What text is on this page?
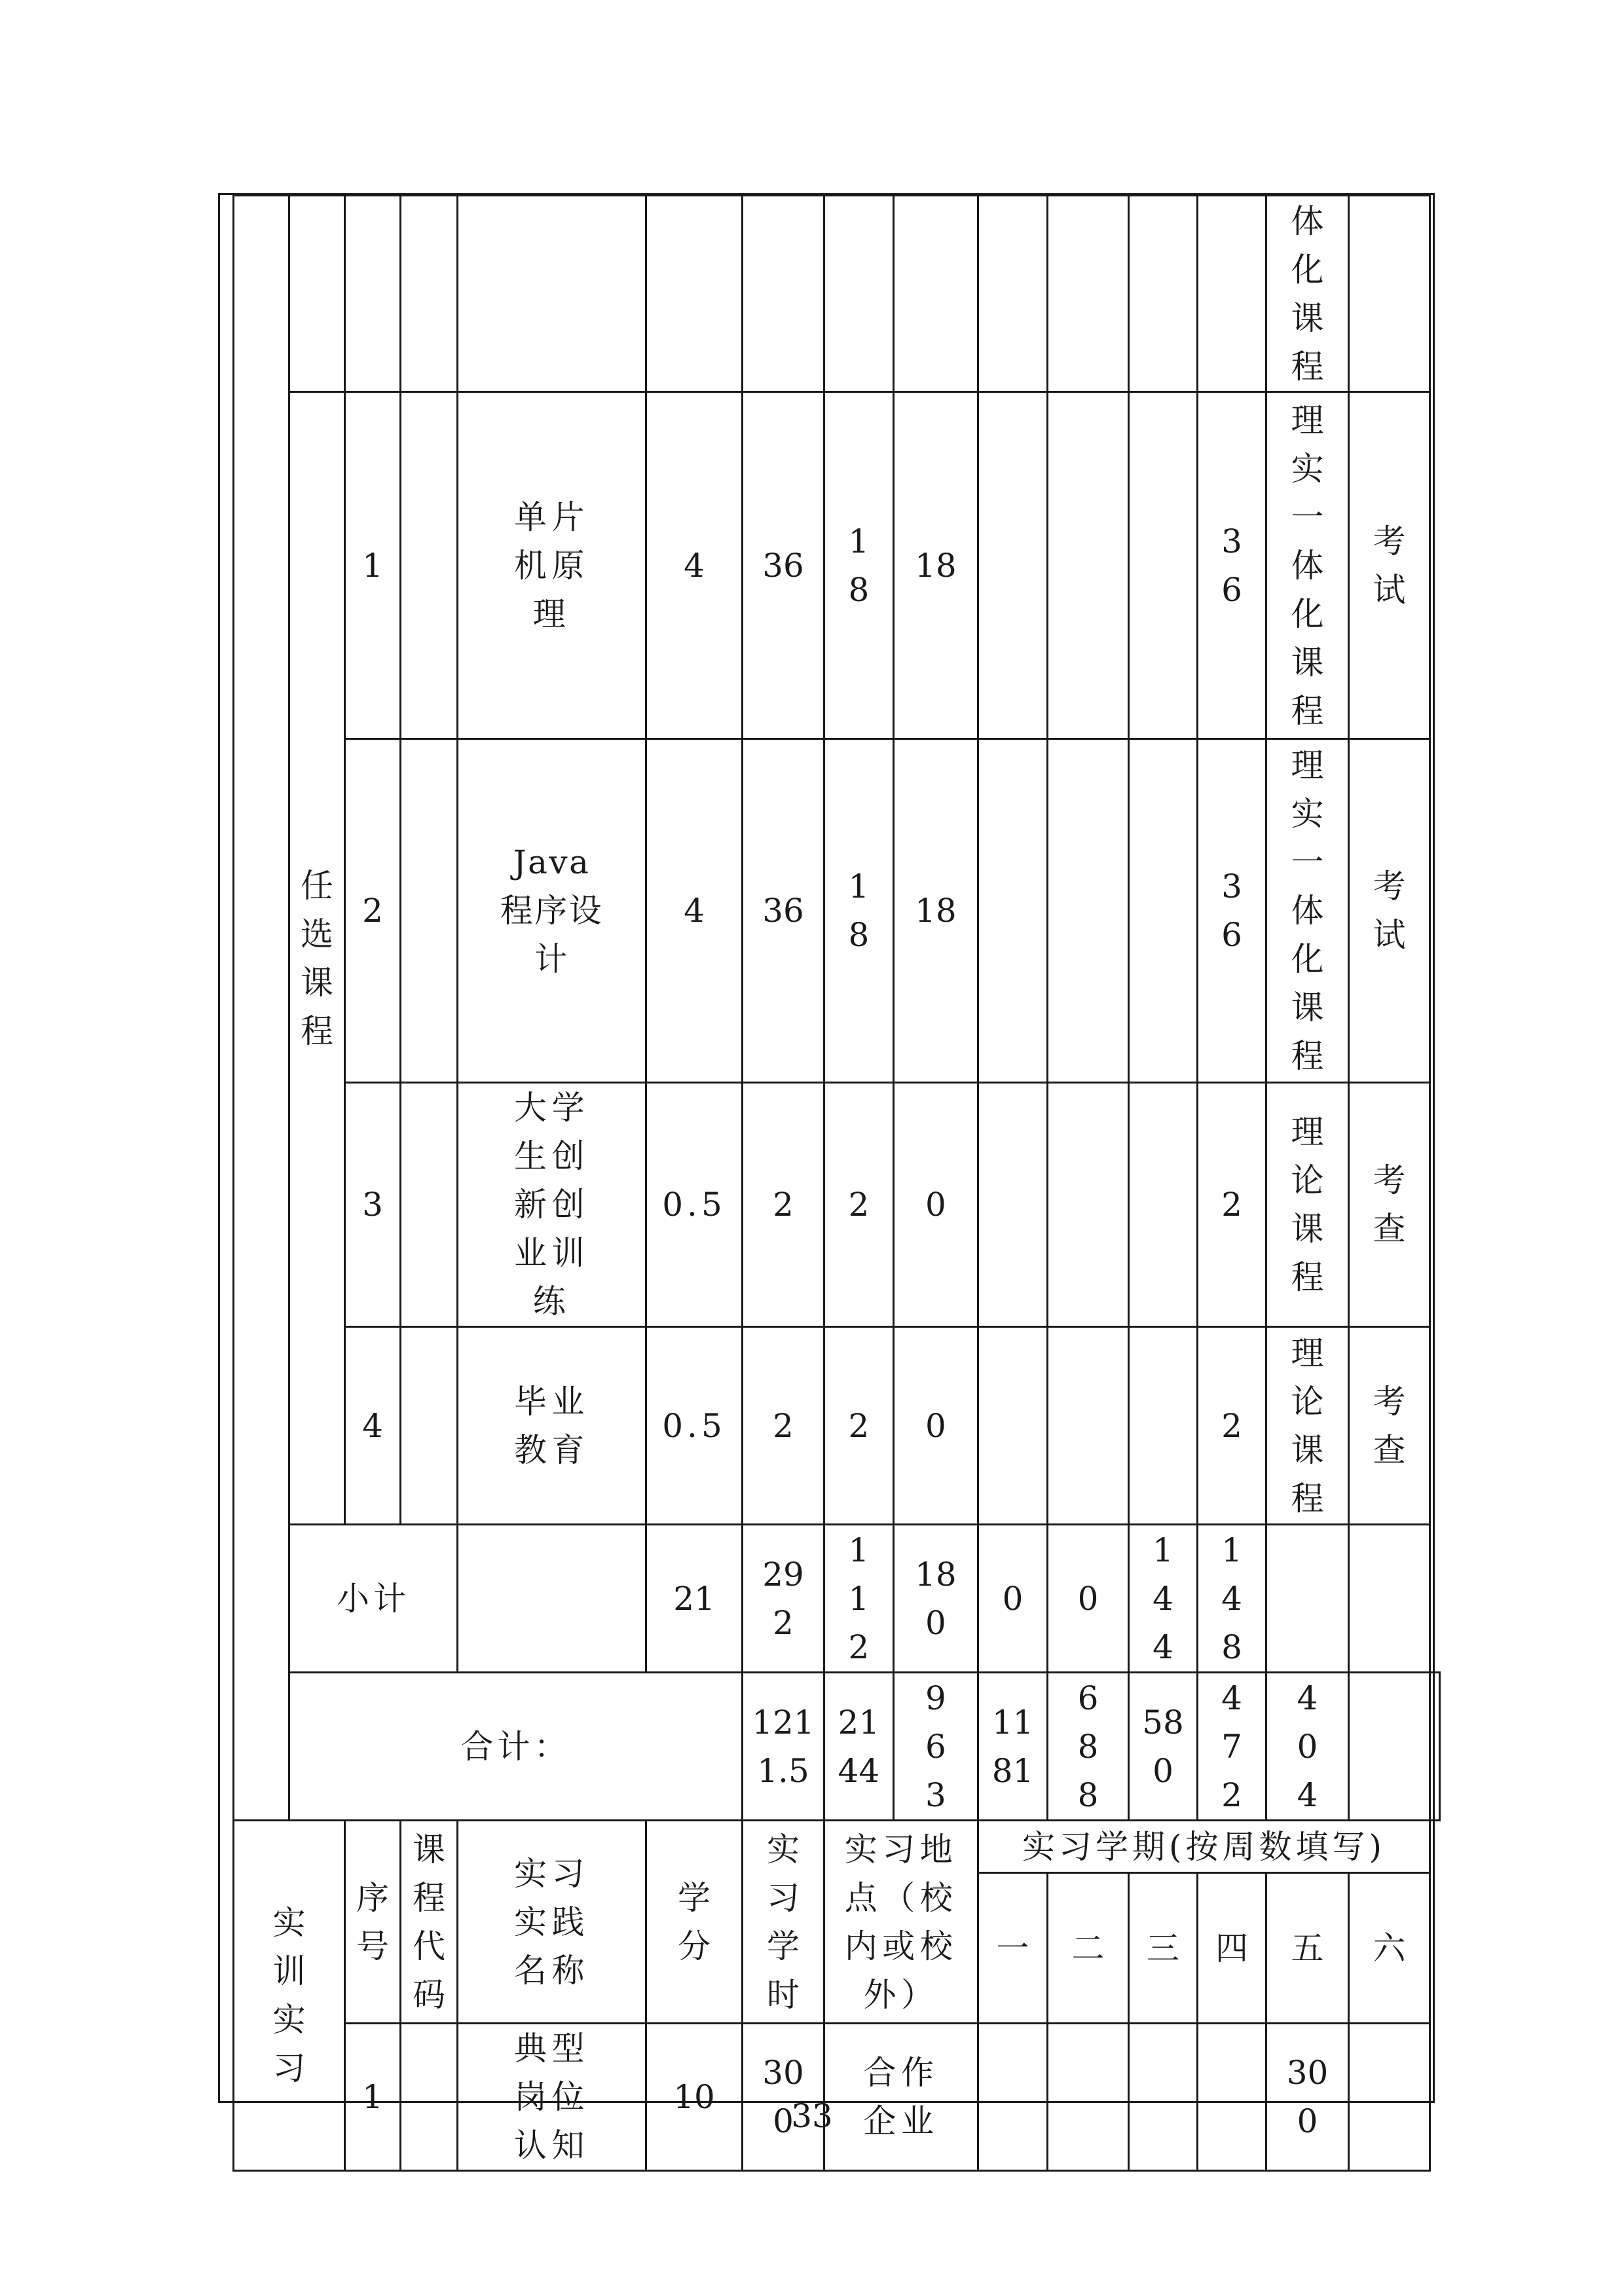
													体化课程		
	任选课程	1		单片机原理	4	36	18	18				36	理实一体化课程	考试	
		2		Java 程序设计	4	36	18	18				36	理实一体化课程	考试	
		3		大学生创新创业训练	0.5	2	2	0				2	理论课程	考查	
		4		毕业教育	0.5	2	2	0				2	理论课程	考查	
	小计				21	292	112	180	0	0	144	148			
	合计：					1211.5	2144	963	1181	688	580	472	404		
实训实习		序号	课程代码	实习实践名称	学分	实习学时	实习地点（校内或校外）		实习学期(按周数填写)						
									一	二	三	四	五	六	
		1		典型岗位认知	10	300	合作企业						300		
33
